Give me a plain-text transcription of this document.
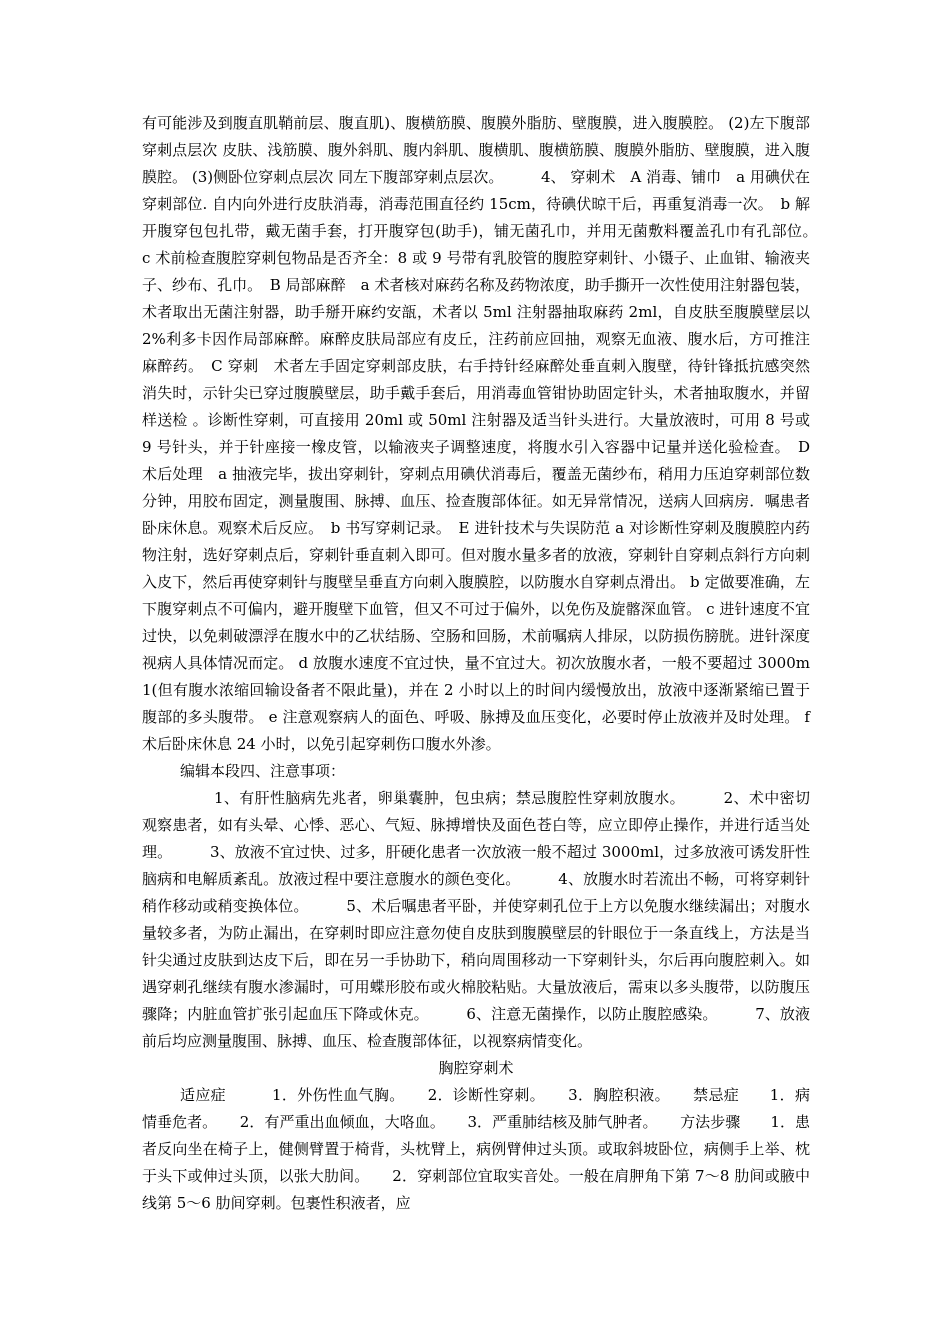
有可能涉及到腹直肌鞘前层、腹直肌)、腹横筋膜、腹膜外脂肪、壁腹膜，进入腹膜腔。 (2)左下腹部穿刺点层次 皮肤、浅筋膜、腹外斜肌、腹内斜肌、腹横肌、腹横筋膜、腹膜外脂肪、壁腹膜，进入腹膜腔。 (3)侧卧位穿刺点层次 同左下腹部穿刺点层次。　　　4、 穿刺术　A 消毒、铺巾　a 用碘伏在穿刺部位. 自内向外进行皮肤消毒，消毒范围直径约 15cm，待碘伏晾干后，再重复消毒一次。　b 解开腹穿包包扎带，戴无菌手套，打开腹穿包(助手)，铺无菌孔巾，并用无菌敷料覆盖孔巾有孔部位。　c 术前检查腹腔穿刺包物品是否齐全：8 或 9 号带有乳胶管的腹腔穿刺针、小镊子、止血钳、输液夹子、纱布、孔巾。　B 局部麻醉　a 术者核对麻药名称及药物浓度，助手撕开一次性使用注射器包装，术者取出无菌注射器，助手掰开麻约安瓿，术者以 5ml 注射器抽取麻药 2ml，自皮肤至腹膜壁层以 2%利多卡因作局部麻醉。麻醉皮肤局部应有皮丘，注药前应回抽，观察无血液、腹水后，方可推注麻醉药。　C 穿刺　术者左手固定穿刺部皮肤，右手持针经麻醉处垂直刺入腹壁，待针锋抵抗感突然消失时，示针尖已穿过腹膜壁层，助手戴手套后，用消毒血管钳协助固定针头，术者抽取腹水，并留样送检 。诊断性穿刺，可直接用 20ml 或 50ml 注射器及适当针头进行。大量放液时，可用 8 号或 9 号针头，并于针座接一橡皮管，以输液夹子调整速度，将腹水引入容器中记量并送化验检查。　D 术后处理　a 抽液完毕，拔出穿刺针，穿刺点用碘伏消毒后，覆盖无菌纱布，稍用力压迫穿刺部位数分钟，用胶布固定，测量腹围、脉搏、血压、捡查腹部体征。如无异常情况，送病人回病房．嘱患者卧床休息。观察术后反应。　b 书写穿刺记录。　E 进针技术与失误防范 a 对诊断性穿刺及腹膜腔内药物注射，选好穿刺点后，穿刺针垂直刺入即可。但对腹水量多者的放液，穿刺针自穿刺点斜行方向刺入皮下，然后再使穿刺针与腹壁呈垂直方向刺入腹膜腔，以防腹水自穿刺点滑出。 b 定做要准确，左下腹穿刺点不可偏内，避开腹壁下血管，但又不可过于偏外，以免伤及旋髂深血管。 c 进针速度不宜过快，以免刺破漂浮在腹水中的乙状结肠、空肠和回肠，术前嘱病人排尿，以防损伤膀胱。进针深度视病人具体情况而定。 d 放腹水速度不宜过快，量不宜过大。初次放腹水者，一般不要超过 3000m1(但有腹水浓缩回输设备者不限此量)，并在 2 小时以上的时间内缓慢放出，放液中逐渐紧缩已置于腹部的多头腹带。 e 注意观察病人的面色、呼吸、脉搏及血压变化，必要时停止放液并及时处理。 f 术后卧床休息 24 小时，以免引起穿刺伤口腹水外渗。

编辑本段四、注意事项：

1、有肝性脑病先兆者，卵巢囊肿，包虫病；禁忌腹腔性穿刺放腹水。　　　2、术中密切观察患者，如有头晕、心悸、恶心、气短、脉搏增快及面色苍白等，应立即停止操作，并进行适当处理。　　　3、放液不宜过快、过多，肝硬化患者一次放液一般不超过 3000ml，过多放液可诱发肝性脑病和电解质紊乱。放液过程中要注意腹水的颜色变化。　　　4、放腹水时若流出不畅，可将穿刺针稍作移动或稍变换体位。　　　5、术后嘱患者平卧，并使穿刺孔位于上方以免腹水继续漏出；对腹水量较多者，为防止漏出，在穿刺时即应注意勿使自皮肤到腹膜壁层的针眼位于一条直线上，方法是当针尖通过皮肤到达皮下后，即在另一手协助下，稍向周围移动一下穿刺针头，尔后再向腹腔刺入。如遇穿刺孔继续有腹水渗漏时，可用蝶形胶布或火棉胶粘贴。大量放液后，需束以多头腹带，以防腹压骤降；内脏血管扩张引起血压下降或休克。　　　6、注意无菌操作，以防止腹腔感染。　　　7、放液前后均应测量腹围、脉搏、血压、检查腹部体征，以视察病情变化。

胸腔穿刺术

适应症　　　1．外伤性血气胸。　　2．诊断性穿刺。　　3．胸腔积液。　　禁忌症　　1．病情垂危者。　　2．有严重出血倾血，大咯血。　　3．严重肺结核及肺气肿者。　　方法步骤　　1．患者反向坐在椅子上，健侧臂置于椅背，头枕臂上，病例臂伸过头顶。或取斜坡卧位，病侧手上举、枕于头下或伸过头顶，以张大肋间。　　2．穿刺部位宜取实音处。一般在肩胛角下第 7～8 肋间或腋中线第 5～6 肋间穿刺。包裹性积液者，应
